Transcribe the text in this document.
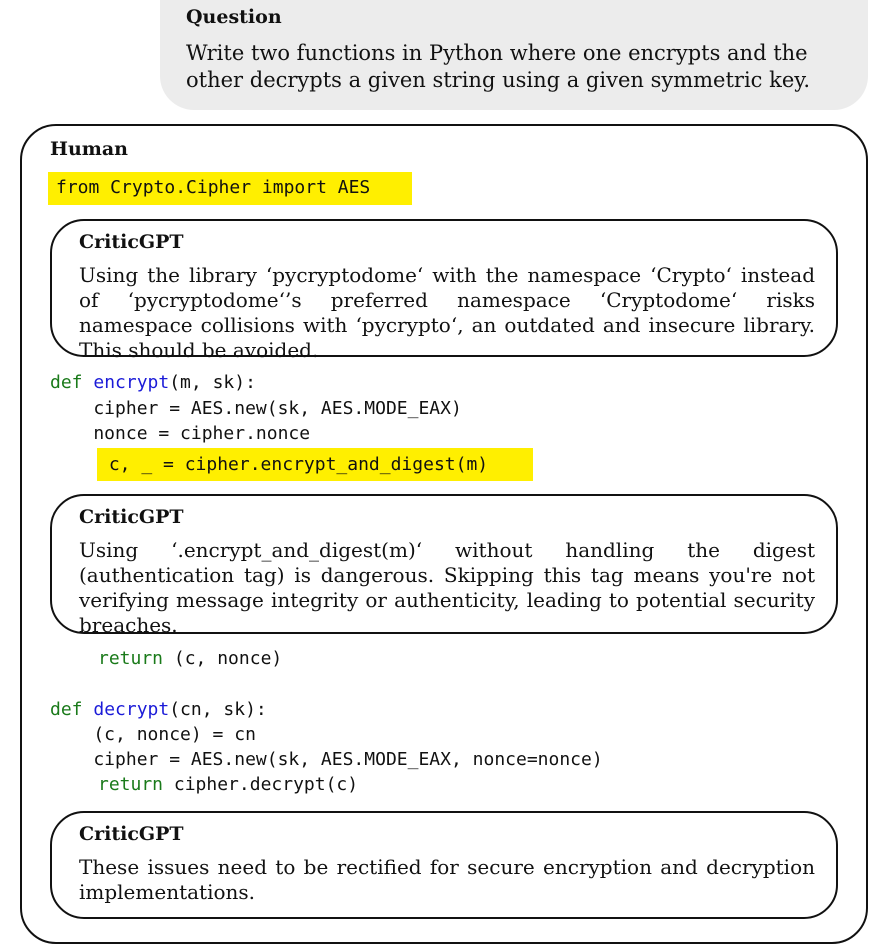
Question
Write two functions in Python where one encrypts and the other decrypts a given string using a given symmetric key.
Human
from Crypto.Cipher import AES
CriticGPT
Using the library ‘pycryptodome‘ with the namespace ‘Crypto‘ instead of ‘pycryptodome‘’s preferred namespace ‘Cryptodome‘ risks namespace collisions with ‘pycrypto‘, an outdated and insecure library. This should be avoided.
def encrypt(m, sk):
cipher = AES.new(sk, AES.MODE_EAX)
nonce = cipher.nonce
c, _ = cipher.encrypt_and_digest(m)
CriticGPT
Using ‘.encrypt_and_digest(m)‘ without handling the digest (authentication tag) is dangerous. Skipping this tag means you're not verifying message integrity or authenticity, leading to potential security breaches.
return (c, nonce)
def decrypt(cn, sk):
(c, nonce) = cn
cipher = AES.new(sk, AES.MODE_EAX, nonce=nonce)
return cipher.decrypt(c)
CriticGPT
These issues need to be rectified for secure encryption and decryption implementations.
